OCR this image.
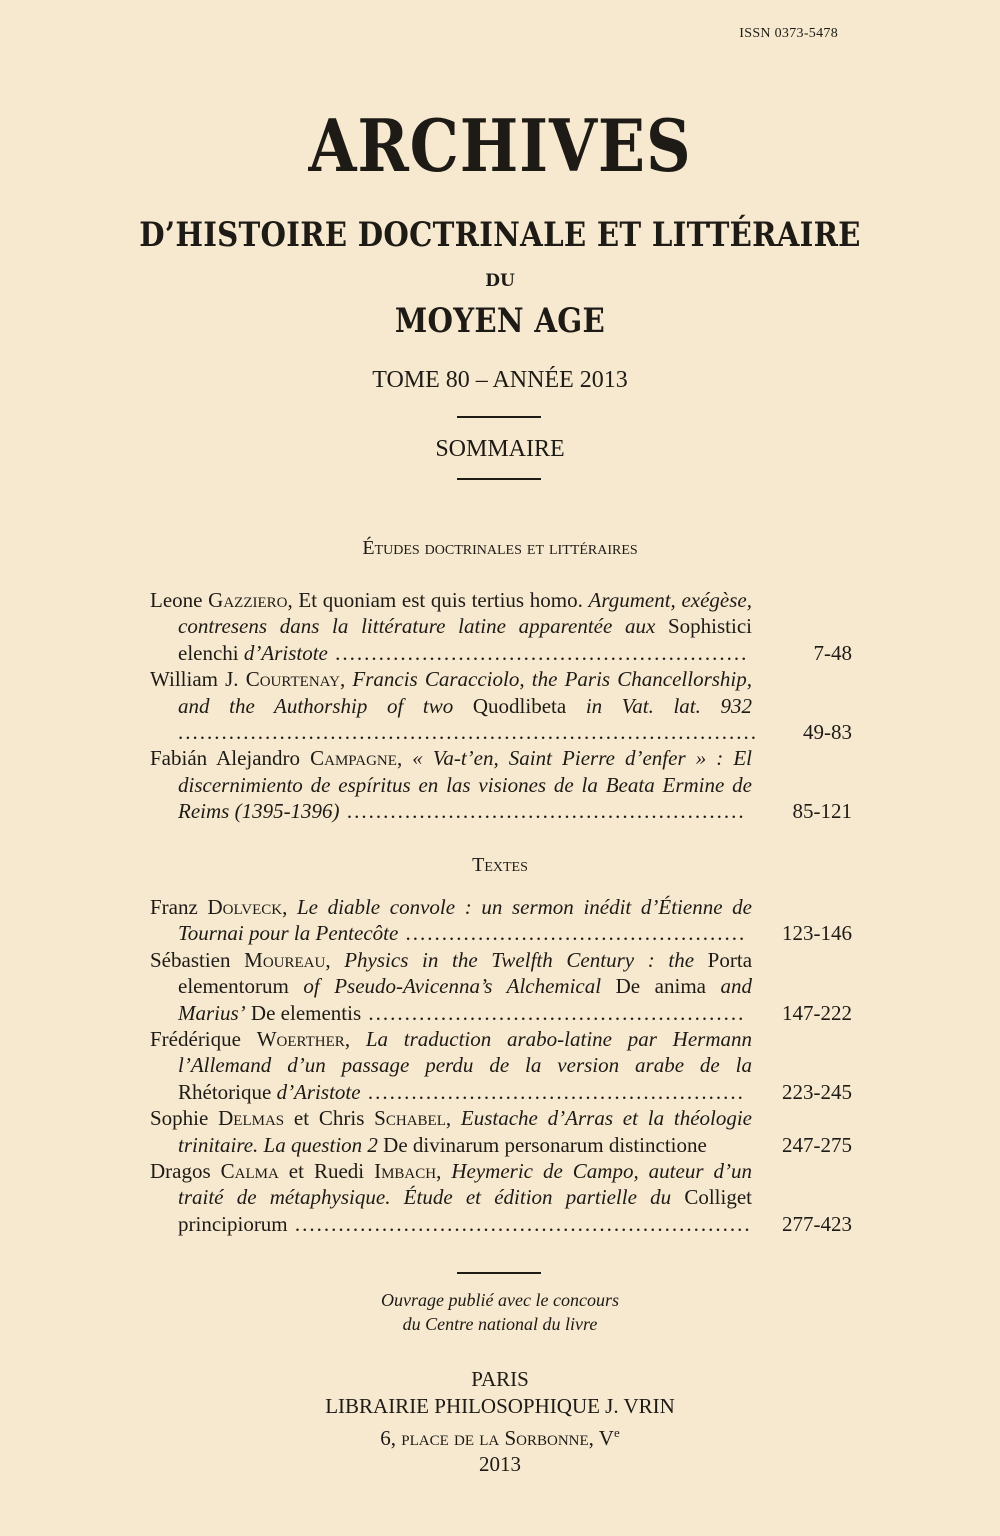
ISSN 0373-5478
ARCHIVES
D’HISTOIRE DOCTRINALE ET LITTÉRAIRE
DU
MOYEN AGE
TOME 80 – ANNÉE 2013
SOMMAIRE
Études doctrinales et littéraires
Leone Gazziero, Et quoniam est quis tertius homo. Argument, exégèse, contresens dans la littérature latine apparentée aux Sophistici elenchi d’Aristote .........................................................	7-48
William J. Courtenay, Francis Caracciolo, the Paris Chancellorship, and the Authorship of two Quodlibeta in Vat. lat. 932 ................................................................................ 49-83
Fabián Alejandro Campagne, « Va-t’en, Saint Pierre d’enfer » : El discernimiento de espíritus en las visiones de la Beata Ermine de Reims (1395-1396) .......................................................	85-121
Textes
Franz Dolveck, Le diable convole : un sermon inédit d’Étienne de Tournai pour la Pentecôte ............................................... 123-146
Sébastien Moureau, Physics in the Twelfth Century : the Porta elementorum of Pseudo-Avicenna’s Alchemical De anima and Marius’ De elementis ....................................................	147-222
Frédérique Woerther, La traduction arabo-latine par Hermann l’Allemand d’un passage perdu de la version arabe de la Rhétorique d’Aristote ....................................................	223-245
Sophie Delmas et Chris Schabel, Eustache d’Arras et la théologie trinitaire. La question 2 De divinarum personarum distinctione	247-275
Dragos Calma et Ruedi Imbach, Heymeric de Campo, auteur d’un traité de métaphysique. Étude et édition partielle du Colliget principiorum ............................................................... 277-423
Ouvrage publié avec le concours
du Centre national du livre
PARIS
LIBRAIRIE PHILOSOPHIQUE J. VRIN
6, place de la Sorbonne, Ve
2013
